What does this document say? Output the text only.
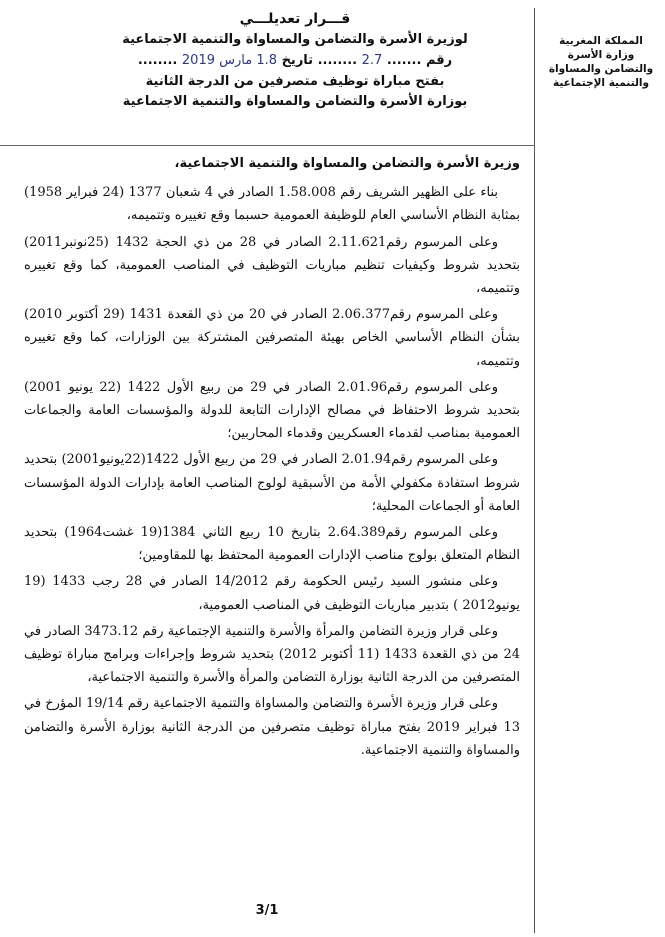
المملكة المغربية
وزارة الأسرة
والتضامن والمساواة
والتنمية الإجتماعية
قـــرار تعديلـــي
لوزيرة الأسرة والتضامن والمساواة والتنمية الاجتماعية
رقم ....... 2.7 ........ تاريخ 1.8 مارس 2019 ........
بفتح مباراة توظيف متصرفين من الدرجة الثانية
بوزارة الأسرة والتضامن والمساواة والتنمية الاجتماعية

وزيرة الأسرة والتضامن والمساواة والتنمية الاجتماعية،

بناء على الظهير الشريف رقم 1.58.008 الصادر في 4 شعبان 1377 (24 فبراير 1958) بمثابة النظام الأساسي العام للوظيفة العمومية حسبما وقع تغييره وتتميمه،

وعلى المرسوم رقم2.11.621 الصادر في 28 من ذي الحجة 1432 (25نونبر2011) بتحديد شروط وكيفيات تنظيم مباريات التوظيف في المناصب العمومية، كما وقع تغييره وتتميمه،

وعلى المرسوم رقم2.06.377 الصادر في 20 من ذي القعدة 1431 (29 أكتوبر 2010) بشأن النظام الأساسي الخاص بهيئة المتصرفين المشتركة بين الوزارات، كما وقع تغييره وتتميمه،

وعلى المرسوم رقم2.01.96 الصادر في 29 من ربيع الأول 1422 (22 يونيو 2001) بتحديد شروط الاحتفاظ في مصالح الإدارات التابعة للدولة والمؤسسات العامة والجماعات العمومية بمناصب لقدماء العسكريين وقدماء المحاربين؛

وعلى المرسوم رقم2.01.94 الصادر في 29 من ربيع الأول 1422(22يونيو2001) بتحديد شروط استفادة مكفولي الأمة من الأسبقية لولوج المناصب العامة بإدارات الدولة المؤسسات العامة أو الجماعات المحلية؛

وعلى المرسوم رقم2.64.389 بتاريخ 10 ربيع الثاني 1384(19 غشت1964) بتحديد النظام المتعلق بولوج مناصب الإدارات العمومية المحتفظ بها للمقاومين؛

وعلى منشور السيد رئيس الحكومة رقم 14/2012 الصادر في 28 رجب 1433 (19 يونيو2012 ) بتدبير مباريات التوظيف في المناصب العمومية،

وعلى قرار وزيرة التضامن والمرأة والأسرة والتنمية الإجتماعية رقم 3473.12 الصادر في 24 من ذي القعدة 1433 (11 أكتوبر 2012) بتحديد شروط وإجراءات وبرامج مباراة توظيف المتصرفين من الدرجة الثانية بوزارة التضامن والمرأة والأسرة والتنمية الاجتماعية،

وعلى قرار وزيرة الأسرة والتضامن والمساواة والتنمية الاجتماعية رقم 19/14 المؤرخ في 13 فبراير 2019 بفتح مباراة توظيف متصرفين من الدرجة الثانية بوزارة الأسرة والتضامن والمساواة والتنمية الاجتماعية.

3/1
